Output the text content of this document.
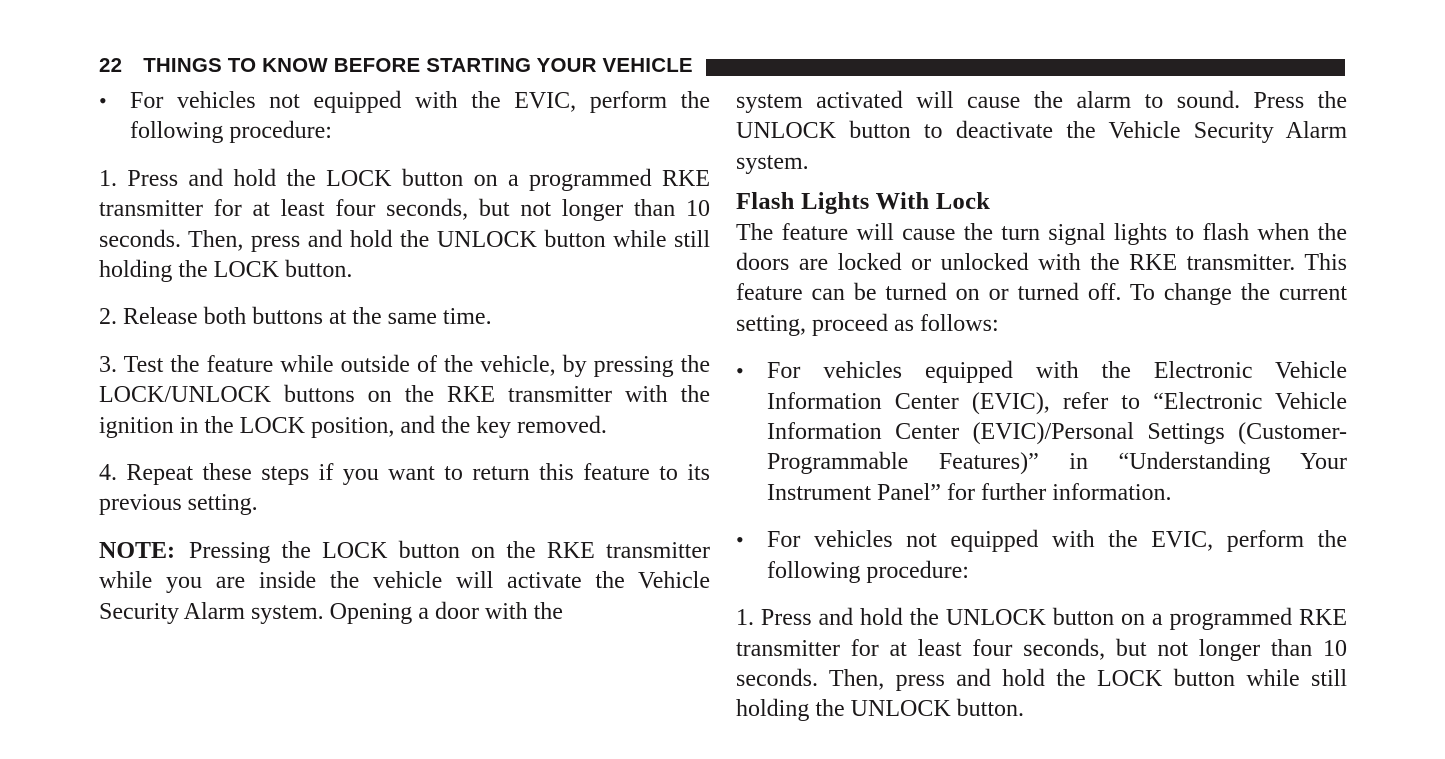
22 THINGS TO KNOW BEFORE STARTING YOUR VEHICLE
• For vehicles not equipped with the EVIC, perform the following procedure:

1. Press and hold the LOCK button on a programmed RKE transmitter for at least four seconds, but not longer than 10 seconds. Then, press and hold the UNLOCK button while still holding the LOCK button.

2. Release both buttons at the same time.

3. Test the feature while outside of the vehicle, by pressing the LOCK/UNLOCK buttons on the RKE transmitter with the ignition in the LOCK position, and the key removed.

4. Repeat these steps if you want to return this feature to its previous setting.

NOTE: Pressing the LOCK button on the RKE transmitter while you are inside the vehicle will activate the Vehicle Security Alarm system. Opening a door with the

system activated will cause the alarm to sound. Press the UNLOCK button to deactivate the Vehicle Security Alarm system.

Flash Lights With Lock

The feature will cause the turn signal lights to flash when the doors are locked or unlocked with the RKE transmitter. This feature can be turned on or turned off. To change the current setting, proceed as follows:

• For vehicles equipped with the Electronic Vehicle Information Center (EVIC), refer to “Electronic Vehicle Information Center (EVIC)/Personal Settings (Customer-Programmable Features)” in “Understanding Your Instrument Panel” for further information.
• For vehicles not equipped with the EVIC, perform the following procedure:

1. Press and hold the UNLOCK button on a programmed RKE transmitter for at least four seconds, but not longer than 10 seconds. Then, press and hold the LOCK button while still holding the UNLOCK button.
